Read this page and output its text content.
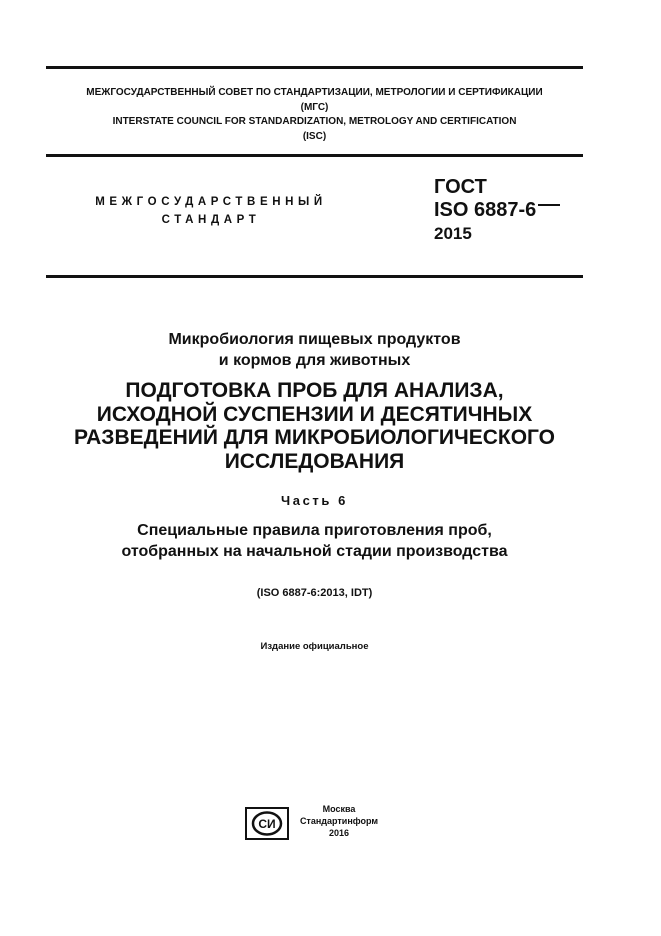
МЕЖГОСУДАРСТВЕННЫЙ СОВЕТ ПО СТАНДАРТИЗАЦИИ, МЕТРОЛОГИИ И СЕРТИФИКАЦИИ
(МГС)
INTERSTATE COUNCIL FOR STANDARDIZATION, METROLOGY AND CERTIFICATION
(ISC)
МЕЖГОСУДАРСТВЕННЫЙ
СТАНДАРТ
ГОСТ
ISO 6887-6
2015
Микробиология пищевых продуктов
и кормов для животных
ПОДГОТОВКА ПРОБ ДЛЯ АНАЛИЗА,
ИСХОДНОЙ СУСПЕНЗИИ И ДЕСЯТИЧНЫХ
РАЗВЕДЕНИЙ ДЛЯ МИКРОБИОЛОГИЧЕСКОГО
ИССЛЕДОВАНИЯ
Часть 6
Специальные правила приготовления проб,
отобранных на начальной стадии производства
(ISO 6887-6:2013, IDT)
Издание официальное
СИ
Москва
Стандартинформ
2016
